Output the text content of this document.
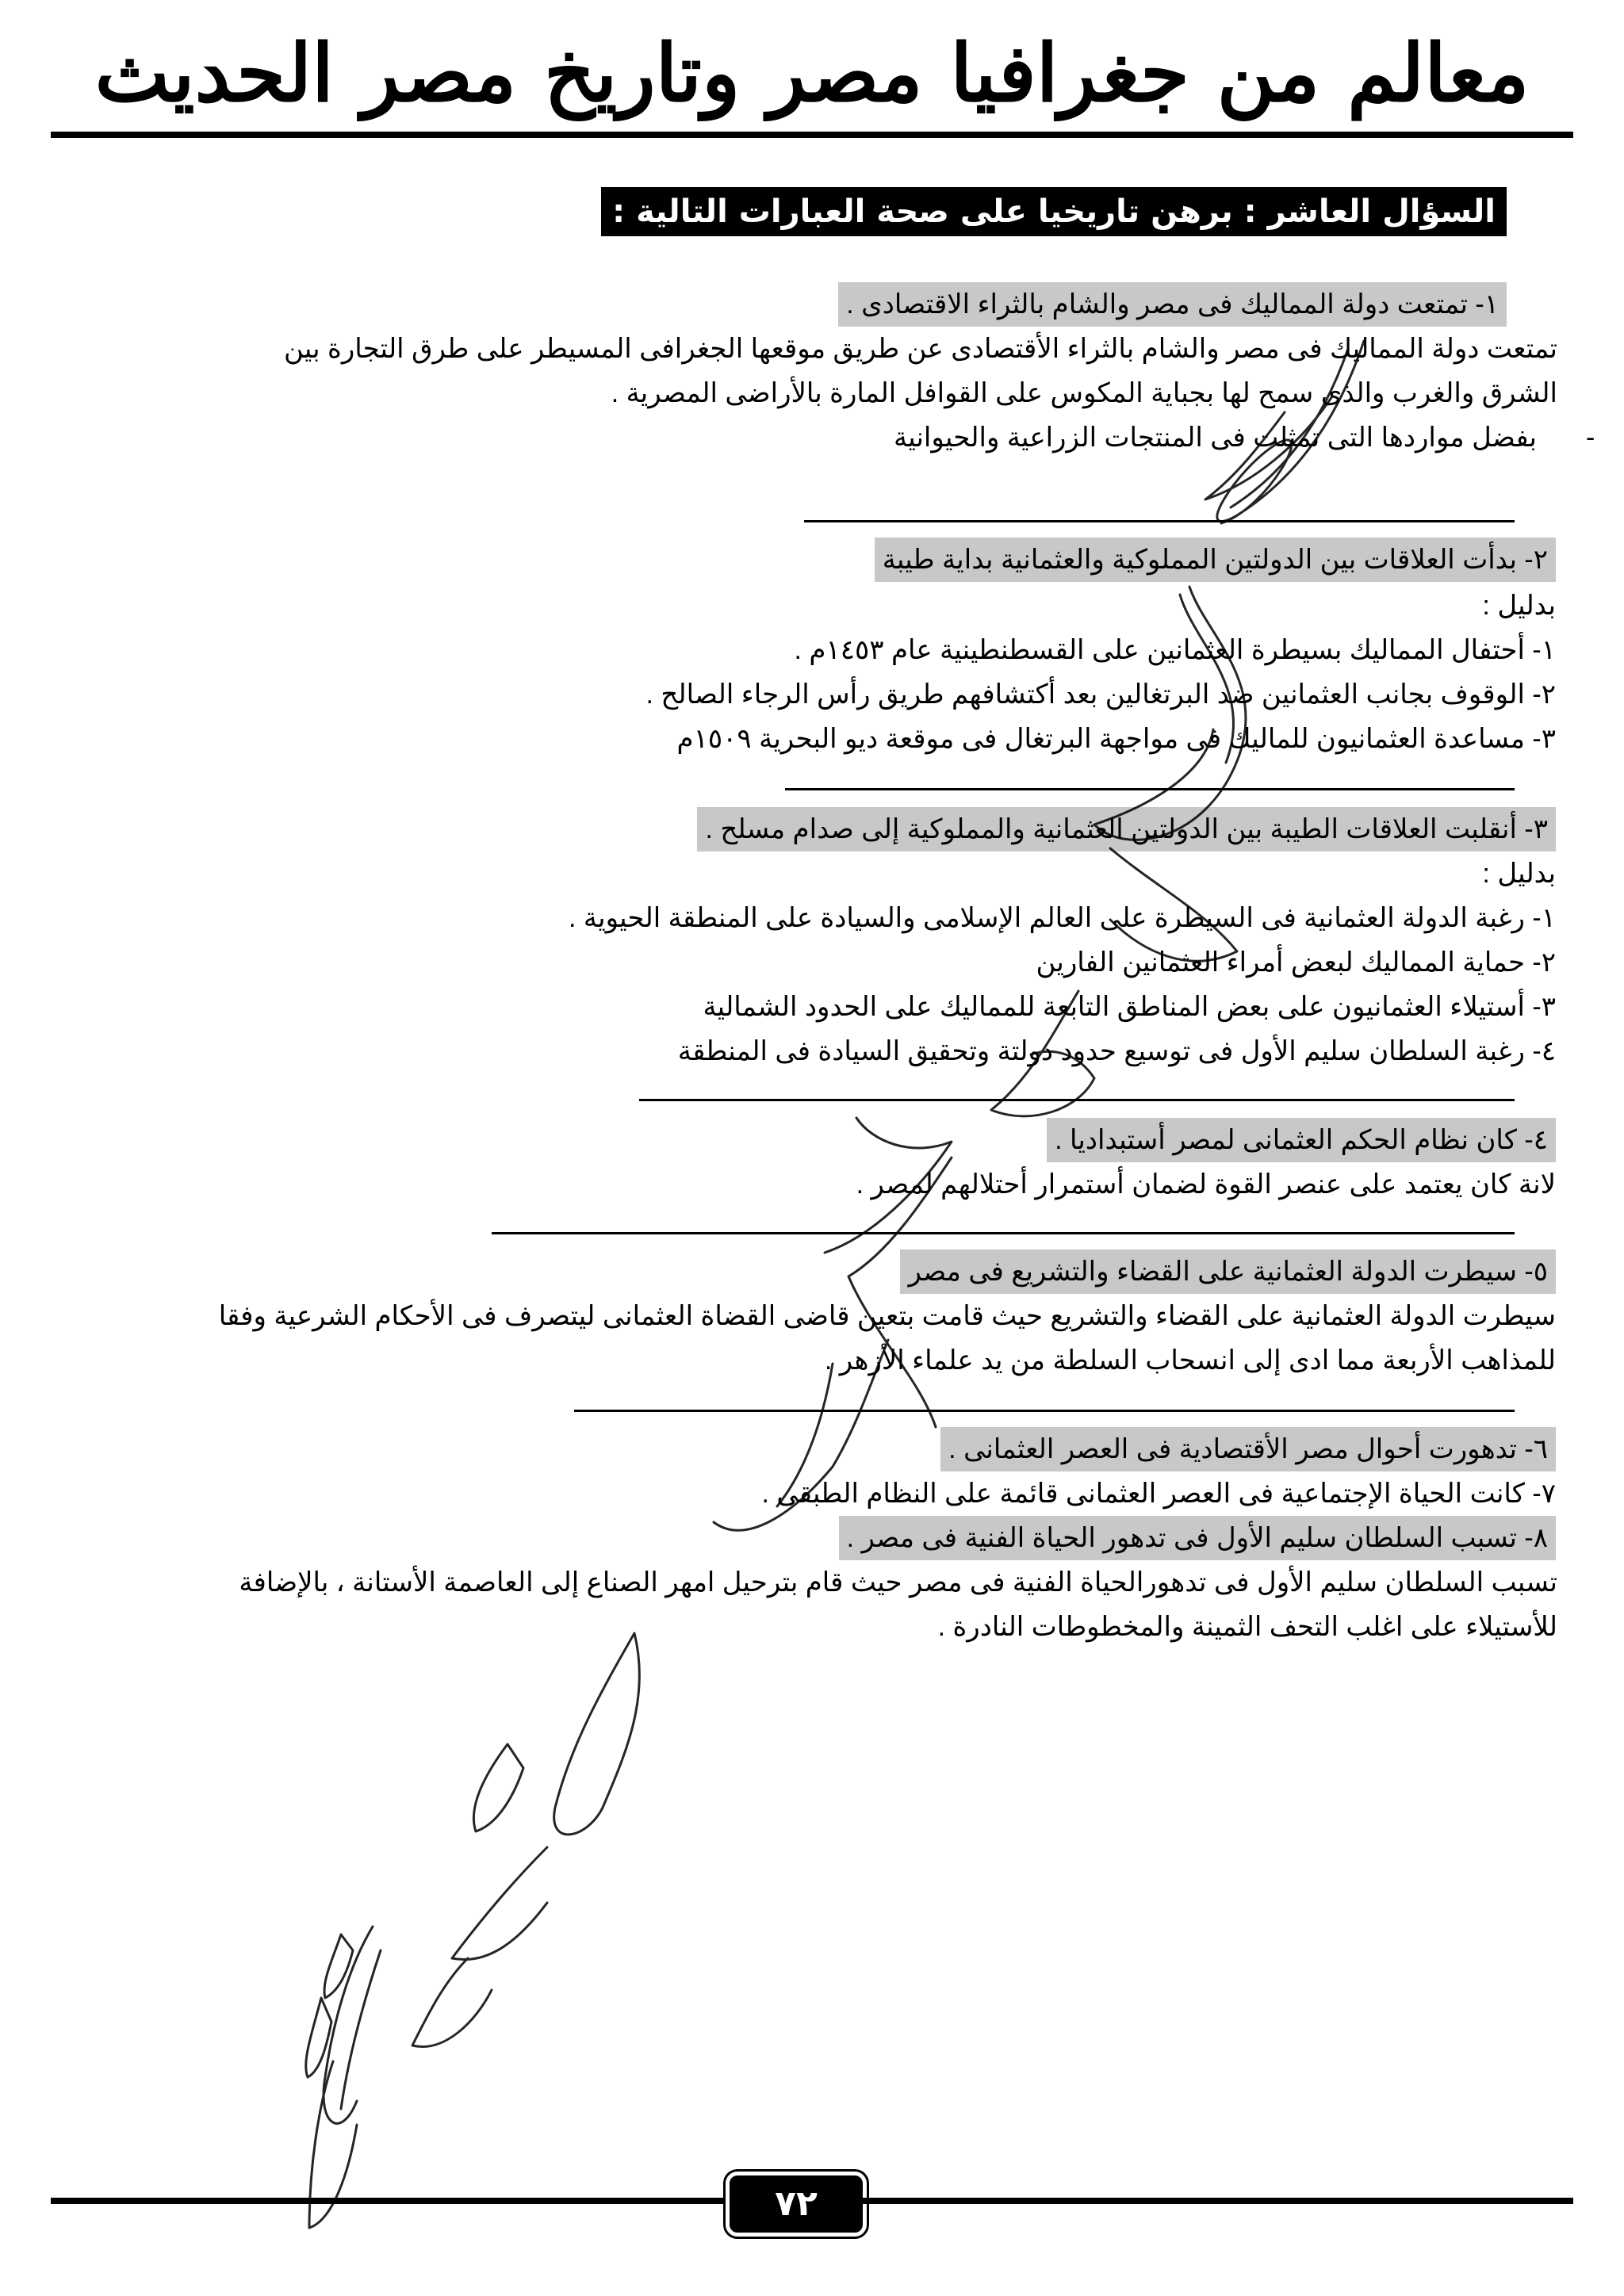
معالم من جغرافيا مصر وتاريخ مصر الحديث
السؤال العاشر : برهن تاريخيا على صحة العبارات التالية :
١- تمتعت دولة المماليك فى مصر والشام بالثراء الاقتصادى .
تمتعت دولة المماليك فى مصر والشام بالثراء الأقتصادى عن طريق موقعها الجغرافى المسيطر على طرق التجارة بين
الشرق والغرب والذى سمح لها بجباية المكوس على القوافل المارة بالأراضى المصرية .
بفضل مواردها التى تمثلت فى المنتجات الزراعية والحيوانية -
٢- بدأت العلاقات بين الدولتين المملوكية والعثمانية بداية طيبة
بدليل :
١- أحتفال المماليك بسيطرة العثمانين على القسطنطينية عام ١٤٥٣م .
٢- الوقوف بجانب العثمانين ضد البرتغالين بعد أكتشافهم طريق رأس الرجاء الصالح .
٣- مساعدة العثمانيون للماليك فى مواجهة البرتغال فى موقعة ديو البحرية ١٥٠٩م
٣- أنقلبت العلاقات الطيبة بين الدولتين العثمانية والمملوكية إلى صدام مسلح .
بدليل :
١- رغبة الدولة العثمانية فى السيطرة على العالم الإسلامى والسيادة على المنطقة الحيوية .
٢- حماية المماليك لبعض أمراء العثمانين الفارين
٣- أستيلاء العثمانيون على بعض المناطق التابعة للمماليك على الحدود الشمالية
٤- رغبة السلطان سليم الأول فى توسيع حدود دولتة وتحقيق السيادة فى المنطقة
٤- كان نظام الحكم العثمانى لمصر أستبداديا .
لانة كان يعتمد على عنصر القوة لضمان أستمرار أحتلالهم لمصر .
٥- سيطرت الدولة العثمانية على القضاء والتشريع فى مصر
سيطرت الدولة العثمانية على القضاء والتشريع حيث قامت بتعين قاضى القضاة العثمانى ليتصرف فى الأحكام الشرعية وفقا
للمذاهب الأربعة مما ادى إلى انسحاب السلطة من يد علماء الأزهر .
٦- تدهورت أحوال مصر الأقتصادية فى العصر العثمانى .
٧- كانت الحياة الإجتماعية فى العصر العثمانى قائمة على النظام الطبقى .
٨- تسبب السلطان سليم الأول فى تدهور الحياة الفنية فى مصر .
تسبب السلطان سليم الأول فى تدهورالحياة الفنية فى مصر حيث قام بترحيل امهر الصناع إلى العاصمة الأستانة ، بالإضافة
للأستيلاء على اغلب التحف الثمينة والمخطوطات النادرة .
٧٢
